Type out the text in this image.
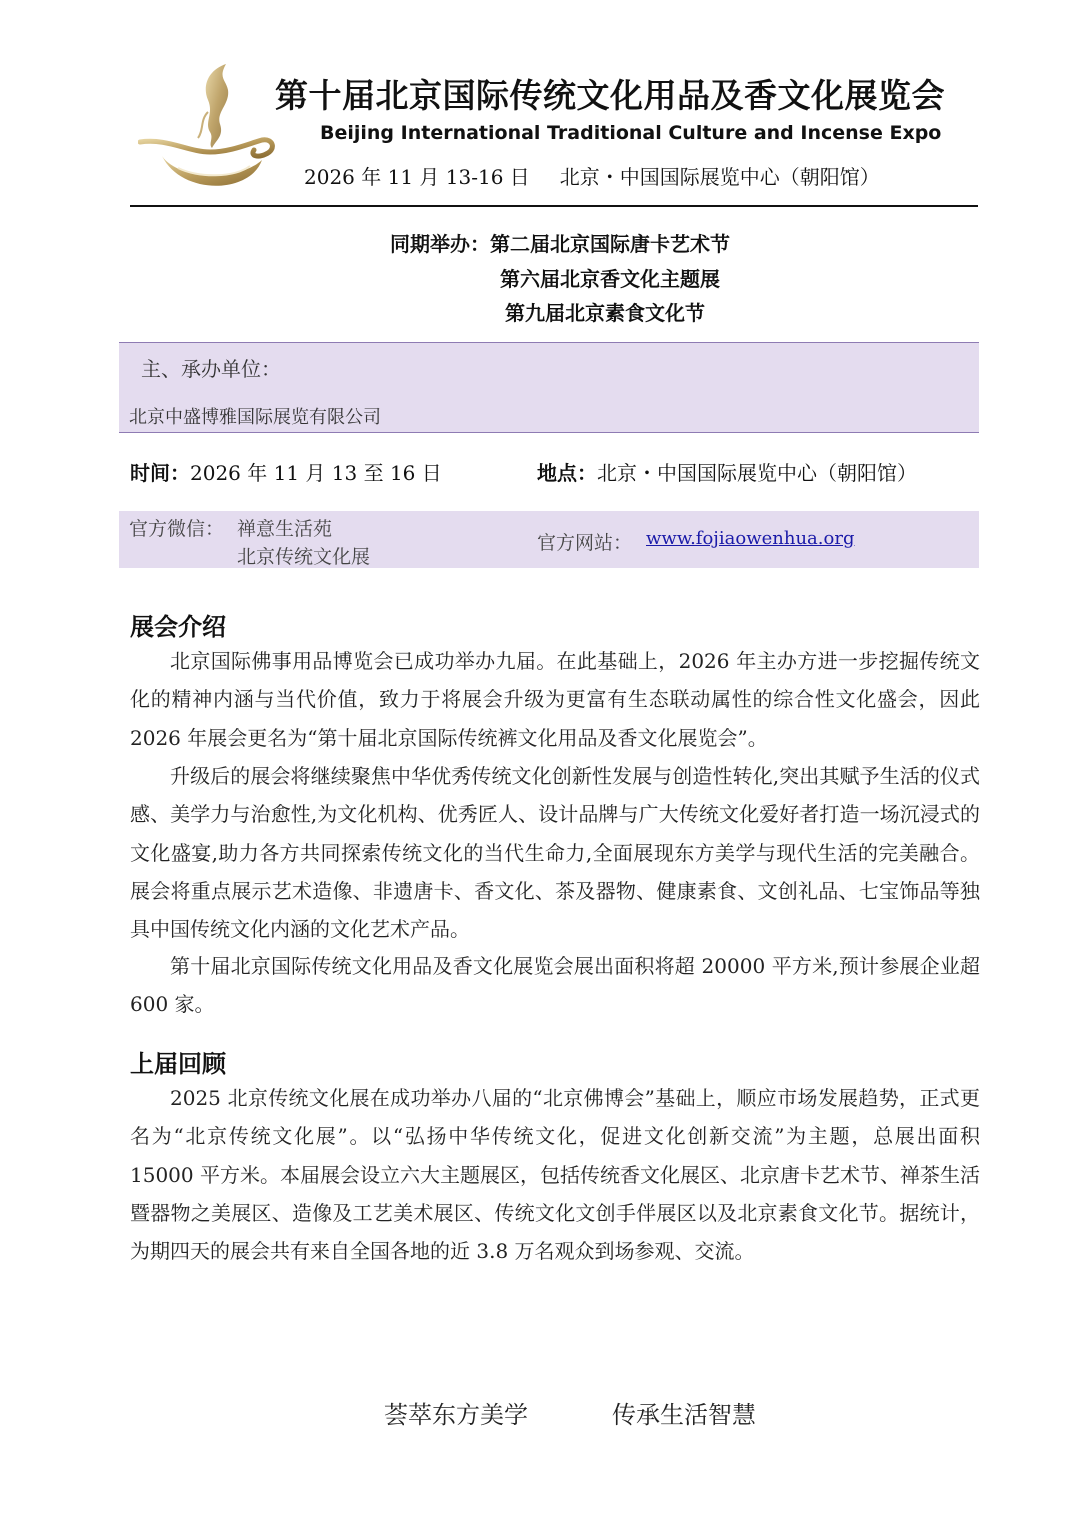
第十届北京国际传统文化用品及香文化展览会
Beijing International Traditional Culture and Incense Expo
2026 年 11 月 13-16 日 北京・中国国际展览中心（朝阳馆）
同期举办：第二届北京国际唐卡艺术节
第六届北京香文化主题展
第九届北京素食文化节
主、承办单位：
北京中盛博雅国际展览有限公司
时间：2026 年 11 月 13 至 16 日	地点：北京・中国国际展览中心（朝阳馆）
官方微信： 禅意生活苑
北京传统文化展
官方网站： www.fojiaowenhua.org
展会介绍

北京国际佛事用品博览会已成功举办九届。在此基础上，2026 年主办方进一步挖掘传统文化的精神内涵与当代价值，致力于将展会升级为更富有生态联动属性的综合性文化盛会，因此 2026 年展会更名为“第十届北京国际传统裤文化用品及香文化展览会”。

升级后的展会将继续聚焦中华优秀传统文化创新性发展与创造性转化,突出其赋予生活的仪式感、美学力与治愈性,为文化机构、优秀匠人、设计品牌与广大传统文化爱好者打造一场沉浸式的文化盛宴,助力各方共同探索传统文化的当代生命力,全面展现东方美学与现代生活的完美融合。展会将重点展示艺术造像、非遗唐卡、香文化、茶及器物、健康素食、文创礼品、七宝饰品等独具中国传统文化内涵的文化艺术产品。

第十届北京国际传统文化用品及香文化展览会展出面积将超 20000 平方米,预计参展企业超 600 家。

上届回顾

2025 北京传统文化展在成功举办八届的“北京佛博会”基础上，顺应市场发展趋势，正式更名为“北京传统文化展”。以“弘扬中华传统文化，促进文化创新交流”为主题，总展出面积 15000 平方米。本届展会设立六大主题展区，包括传统香文化展区、北京唐卡艺术节、禅茶生活暨器物之美展区、造像及工艺美术展区、传统文化文创手伴展区以及北京素食文化节。据统计，为期四天的展会共有来自全国各地的近 3.8 万名观众到场参观、交流。

荟萃东方美学	传承生活智慧
